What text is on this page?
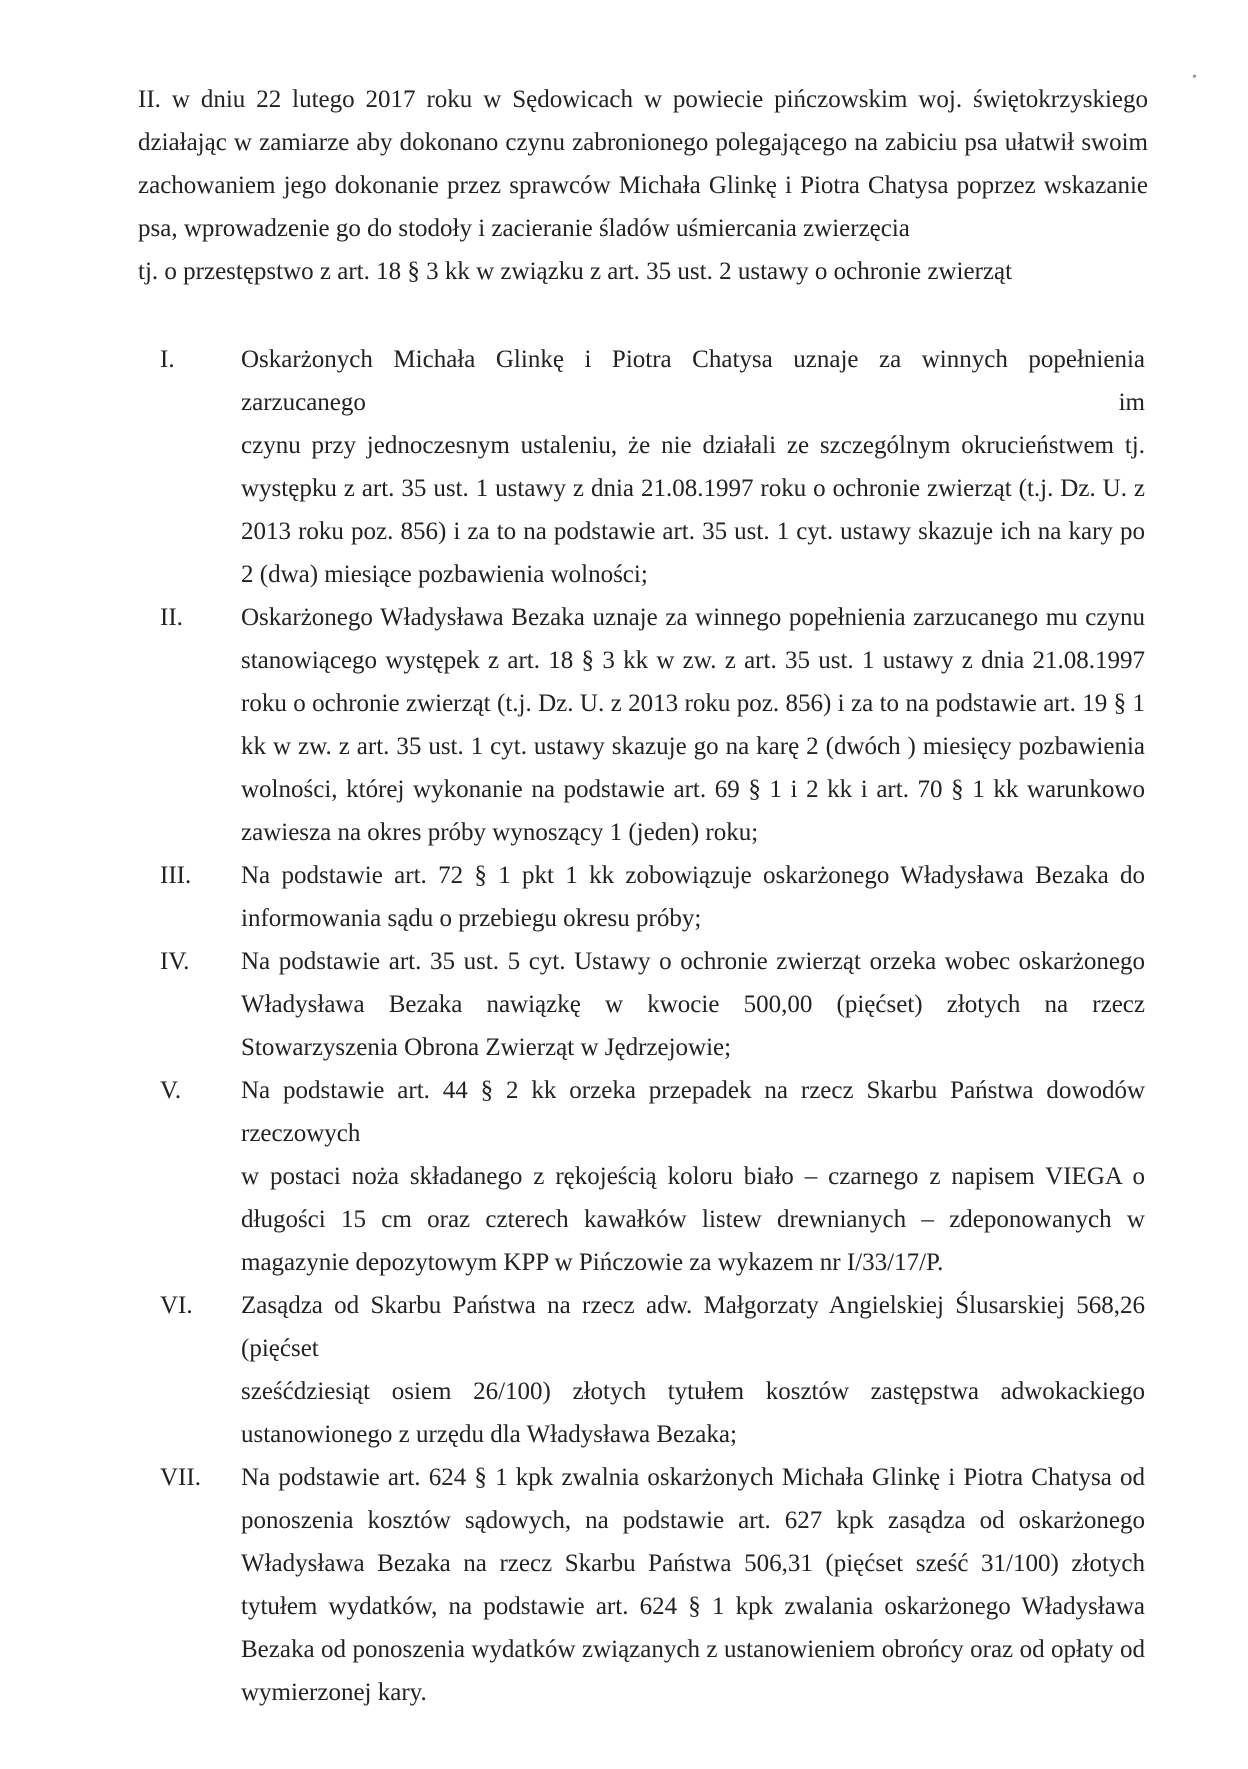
•
II. w dniu 22 lutego 2017 roku w Sędowicach w powiecie pińczowskim woj. świętokrzyskiego
działając w zamiarze aby dokonano czynu zabronionego polegającego na zabiciu psa ułatwił swoim
zachowaniem jego dokonanie przez sprawców Michała Glinkę i Piotra Chatysa poprzez wskazanie
psa, wprowadzenie go do stodoły i zacieranie śladów uśmiercania zwierzęcia
tj. o przestępstwo z art. 18 § 3 kk w związku z art. 35 ust. 2 ustawy o ochronie zwierząt
I.	Oskarżonych Michała Glinkę i Piotra Chatysa uznaje za winnych popełnienia zarzucanego im
czynu przy jednoczesnym ustaleniu, że nie działali ze szczególnym okrucieństwem tj. występku z art. 35 ust. 1 ustawy z dnia 21.08.1997 roku o ochronie zwierząt (t.j. Dz. U. z 2013 roku poz. 856) i za to na podstawie art. 35 ust. 1 cyt. ustawy skazuje ich na kary po 2 (dwa) miesiące pozbawienia wolności;
II.	Oskarżonego Władysława Bezaka uznaje za winnego popełnienia zarzucanego mu czynu
stanowiącego występek z art. 18 § 3 kk w zw. z art. 35 ust. 1 ustawy z dnia 21.08.1997 roku o ochronie zwierząt (t.j. Dz. U. z 2013 roku poz. 856) i za to na podstawie art. 19 § 1 kk w zw. z art. 35 ust. 1 cyt. ustawy skazuje go na karę 2 (dwóch ) miesięcy pozbawienia wolności, której wykonanie na podstawie art. 69 § 1 i 2 kk i art. 70 § 1 kk warunkowo zawiesza na okres próby wynoszący 1 (jeden) roku;
III.	Na podstawie art. 72 § 1 pkt 1 kk zobowiązuje oskarżonego Władysława Bezaka do
informowania sądu o przebiegu okresu próby;
IV.	Na podstawie art. 35 ust. 5 cyt. Ustawy o ochronie zwierząt orzeka wobec oskarżonego
Władysława Bezaka nawiązkę w kwocie 500,00 (pięćset) złotych na rzecz Stowarzyszenia Obrona Zwierząt w Jędrzejowie;
V.	Na podstawie art. 44 § 2 kk orzeka przepadek na rzecz Skarbu Państwa dowodów rzeczowych
w postaci noża składanego z rękojeścią koloru biało – czarnego z napisem VIEGA o długości 15 cm oraz czterech kawałków listew drewnianych – zdeponowanych w magazynie depozytowym KPP w Pińczowie za wykazem nr I/33/17/P.
VI.	Zasądza od Skarbu Państwa na rzecz adw. Małgorzaty Angielskiej Ślusarskiej 568,26 (pięćset
sześćdziesiąt osiem 26/100) złotych tytułem kosztów zastępstwa adwokackiego ustanowionego z urzędu dla Władysława Bezaka;
VII.	Na podstawie art. 624 § 1 kpk zwalnia oskarżonych Michała Glinkę i Piotra Chatysa od
ponoszenia kosztów sądowych, na podstawie art. 627 kpk zasądza od oskarżonego Władysława Bezaka na rzecz Skarbu Państwa 506,31 (pięćset sześć 31/100) złotych tytułem wydatków, na podstawie art. 624 § 1 kpk zwalania oskarżonego Władysława Bezaka od ponoszenia wydatków związanych z ustanowieniem obrońcy oraz od opłaty od wymierzonej kary.
